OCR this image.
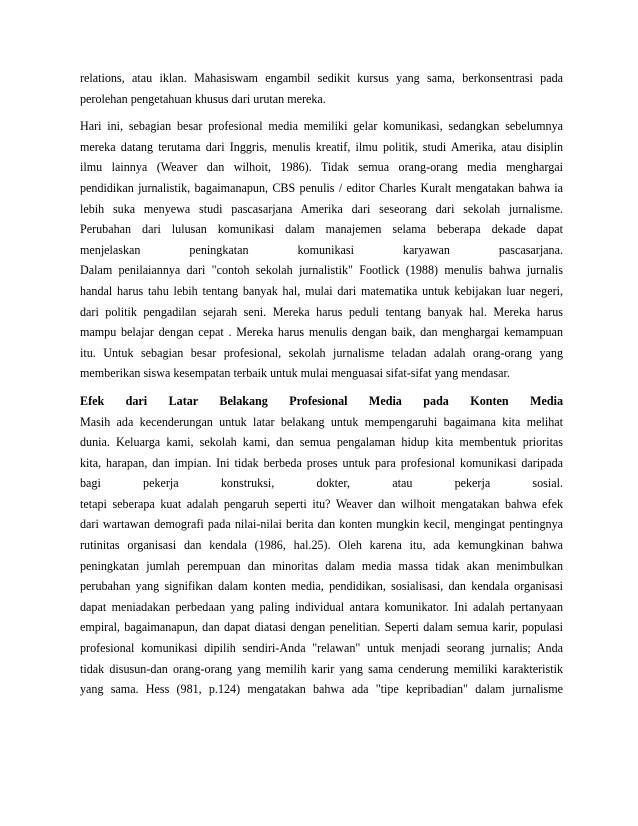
relations, atau iklan. Mahasiswam engambil sedikit kursus yang sama, berkonsentrasi pada
perolehan pengetahuan khusus dari urutan mereka.
Hari ini, sebagian besar profesional media memiliki gelar komunikasi, sedangkan sebelumnya
mereka datang terutama dari Inggris, menulis kreatif, ilmu politik, studi Amerika, atau disiplin
ilmu lainnya (Weaver dan wilhoit, 1986). Tidak semua orang-orang media menghargai
pendidikan jurnalistik, bagaimanapun, CBS penulis / editor Charles Kuralt mengatakan bahwa ia
lebih suka menyewa studi pascasarjana Amerika dari seseorang dari sekolah jurnalisme.
Perubahan dari lulusan komunikasi dalam manajemen selama beberapa dekade dapat
menjelaskan peningkatan komunikasi karyawan pascasarjana.
Dalam penilaiannya dari "contoh sekolah jurnalistik" Footlick (1988) menulis bahwa jurnalis
handal harus tahu lebih tentang banyak hal, mulai dari matematika untuk kebijakan luar negeri,
dari politik pengadilan sejarah seni. Mereka harus peduli tentang banyak hal. Mereka harus
mampu belajar dengan cepat . Mereka harus menulis dengan baik, dan menghargai kemampuan
itu. Untuk sebagian besar profesional, sekolah jurnalisme teladan adalah orang-orang yang
memberikan siswa kesempatan terbaik untuk mulai menguasai sifat-sifat yang mendasar.
Efek dari Latar Belakang Profesional Media pada Konten Media
Masih ada kecenderungan untuk latar belakang untuk mempengaruhi bagaimana kita melihat
dunia. Keluarga kami, sekolah kami, dan semua pengalaman hidup kita membentuk prioritas
kita, harapan, dan impian. Ini tidak berbeda proses untuk para profesional komunikasi daripada
bagi pekerja konstruksi, dokter, atau pekerja sosial.
tetapi seberapa kuat adalah pengaruh seperti itu? Weaver dan wilhoit mengatakan bahwa efek
dari wartawan demografi pada nilai-nilai berita dan konten mungkin kecil, mengingat pentingnya
rutinitas organisasi dan kendala (1986, hal.25). Oleh karena itu, ada kemungkinan bahwa
peningkatan jumlah perempuan dan minoritas dalam media massa tidak akan menimbulkan
perubahan yang signifikan dalam konten media, pendidikan, sosialisasi, dan kendala organisasi
dapat meniadakan perbedaan yang paling individual antara komunikator. Ini adalah pertanyaan
empiral, bagaimanapun, dan dapat diatasi dengan penelitian. Seperti dalam semua karir, populasi
profesional komunikasi dipilih sendiri-Anda "relawan" untuk menjadi seorang jurnalis; Anda
tidak disusun-dan orang-orang yang memilih karir yang sama cenderung memiliki karakteristik
yang sama. Hess (981, p.124) mengatakan bahwa ada "tipe kepribadian" dalam jurnalisme
